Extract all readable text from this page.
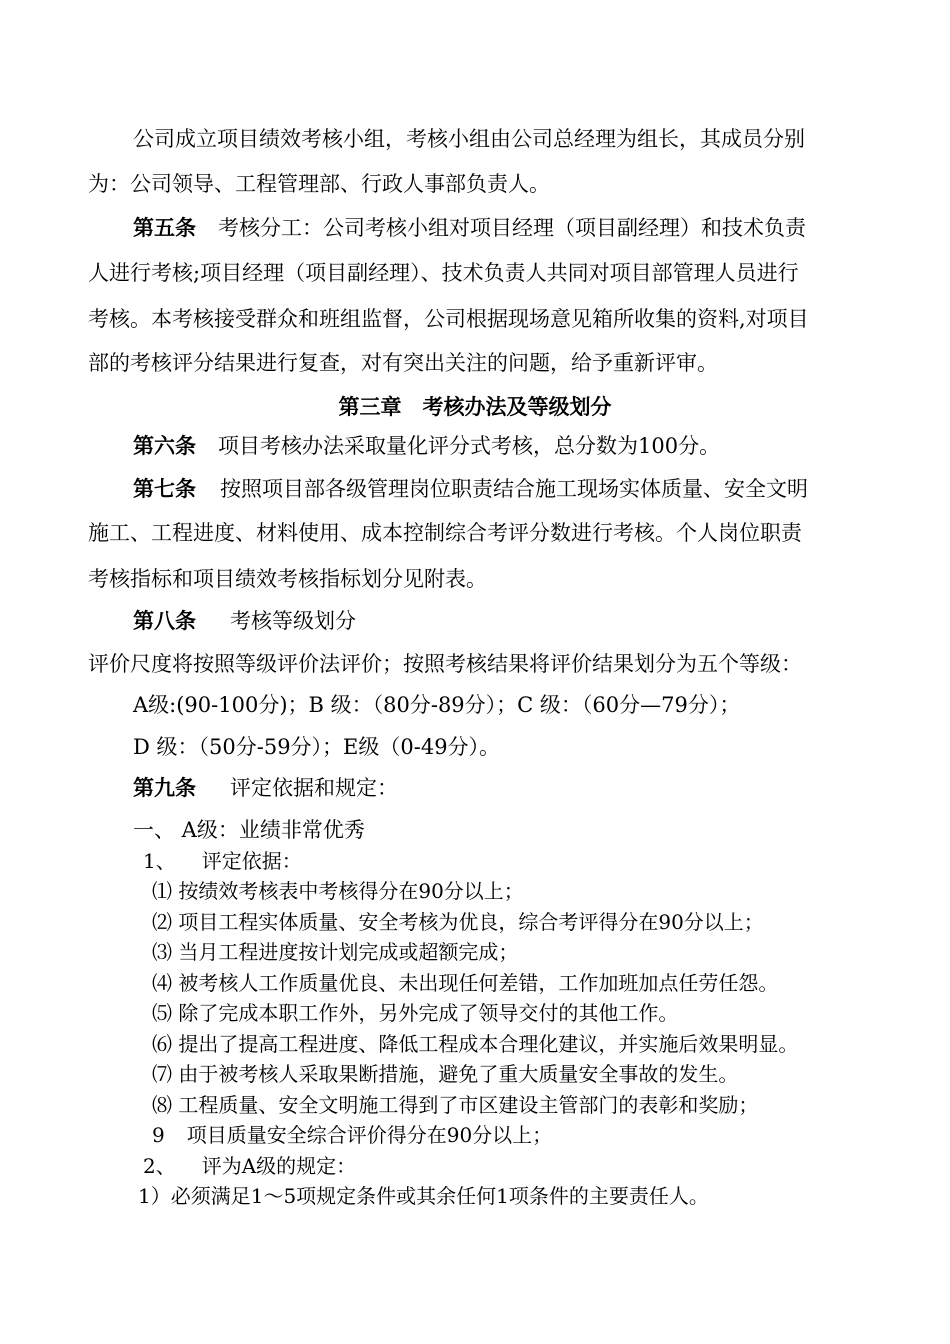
公司成立项目绩效考核小组，考核小组由公司总经理为组长，其成员分别
为：公司领导、工程管理部、行政人事部负责人。
第五条 考核分工：公司考核小组对项目经理（项目副经理）和技术负责
人进行考核;项目经理（项目副经理）、技术负责人共同对项目部管理人员进行
考核。本考核接受群众和班组监督，公司根据现场意见箱所收集的资料,对项目
部的考核评分结果进行复查，对有突出关注的问题，给予重新评审。
第三章　考核办法及等级划分
第六条 项目考核办法采取量化评分式考核，总分数为100分。
第七条 按照项目部各级管理岗位职责结合施工现场实体质量、安全文明
施工、工程进度、材料使用、成本控制综合考评分数进行考核。个人岗位职责
考核指标和项目绩效考核指标划分见附表。
第八条 考核等级划分
评价尺度将按照等级评价法评价；按照考核结果将评价结果划分为五个等级：
A级:(90-100分)；B 级：（80分-89分）；C 级：（60分—79分）；
D 级：（50分-59分）；E级（0-49分）。
第九条 评定依据和规定：
一、 A级：业绩非常优秀
1、 评定依据：
⑴ 按绩效考核表中考核得分在90分以上；
⑵ 项目工程实体质量、安全考核为优良，综合考评得分在90分以上；
⑶ 当月工程进度按计划完成或超额完成；
⑷ 被考核人工作质量优良、未出现任何差错，工作加班加点任劳任怨。
⑸ 除了完成本职工作外，另外完成了领导交付的其他工作。
⑹ 提出了提高工程进度、降低工程成本合理化建议，并实施后效果明显。
⑺ 由于被考核人采取果断措施，避免了重大质量安全事故的发生。
⑻ 工程质量、安全文明施工得到了市区建设主管部门的表彰和奖励；
9 项目质量安全综合评价得分在90分以上；
2、 评为A级的规定：
1）必须满足1～5项规定条件或其余任何1项条件的主要责任人。
